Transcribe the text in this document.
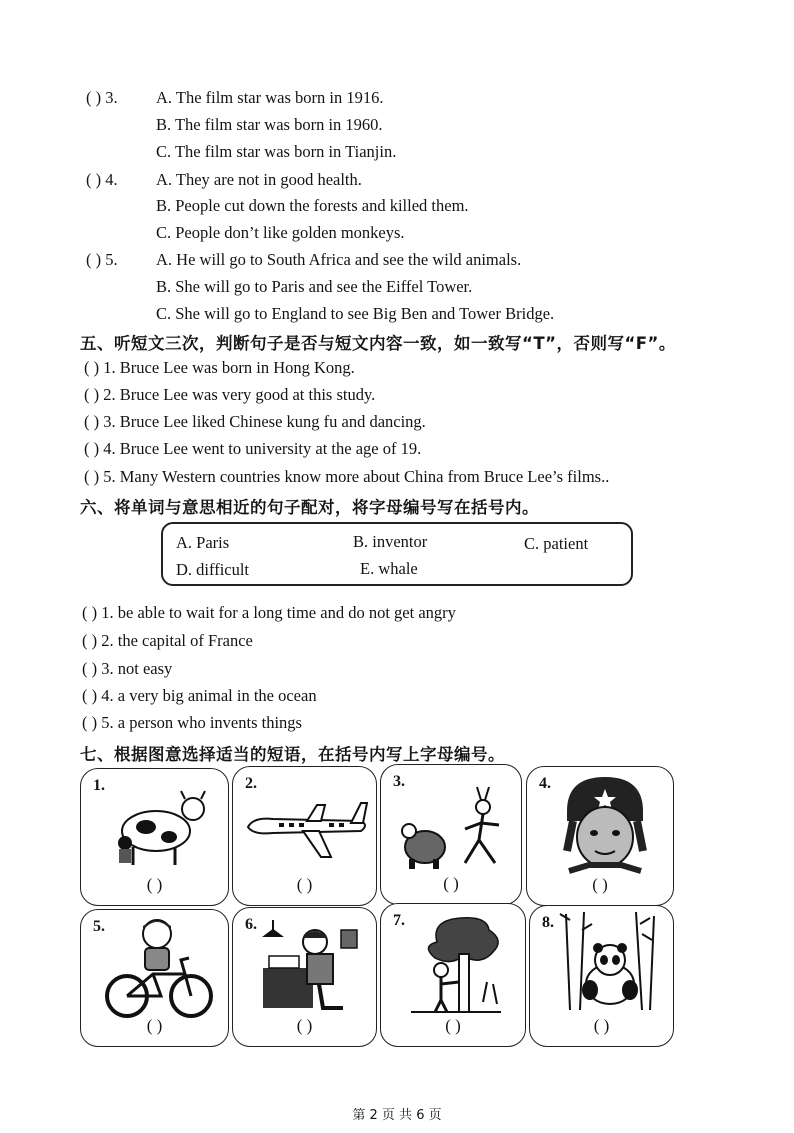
( ) 3. A. The film star was born in 1916.
B. The film star was born in 1960.
C. The film star was born in Tianjin.
( ) 4. A. They are not in good health.
B. People cut down the forests and killed them.
C. People don’t like golden monkeys.
( ) 5. A. He will go to South Africa and see the wild animals.
B. She will go to Paris and see the Eiffel Tower.
C. She will go to England to see Big Ben and Tower Bridge.
五、听短文三次，判断句子是否与短文内容一致，如一致写“T”，否则写“F”。
( ) 1. Bruce Lee was born in Hong Kong.
( ) 2. Bruce Lee was very good at this study.
( ) 3. Bruce Lee liked Chinese kung fu and dancing.
( ) 4. Bruce Lee went to university at the age of 19.
( ) 5. Many Western countries know more about China from Bruce Lee’s films..
六、将单词与意思相近的句子配对，将字母编号写在括号内。
A. Paris	B. inventor	C. patient
D. difficult	E. whale
( ) 1. be able to wait for a long time and do not get angry
( ) 2. the capital of France
( ) 3. not easy
( ) 4. a very big animal in the ocean
( ) 5. a person who invents things
七、根据图意选择适当的短语，在括号内写上字母编号。
1.
( )
2.
( )
3.
( )
4.
( )
5.
( )
6.
( )
7.
( )
8.
( )
第 2 页 共 6 页
